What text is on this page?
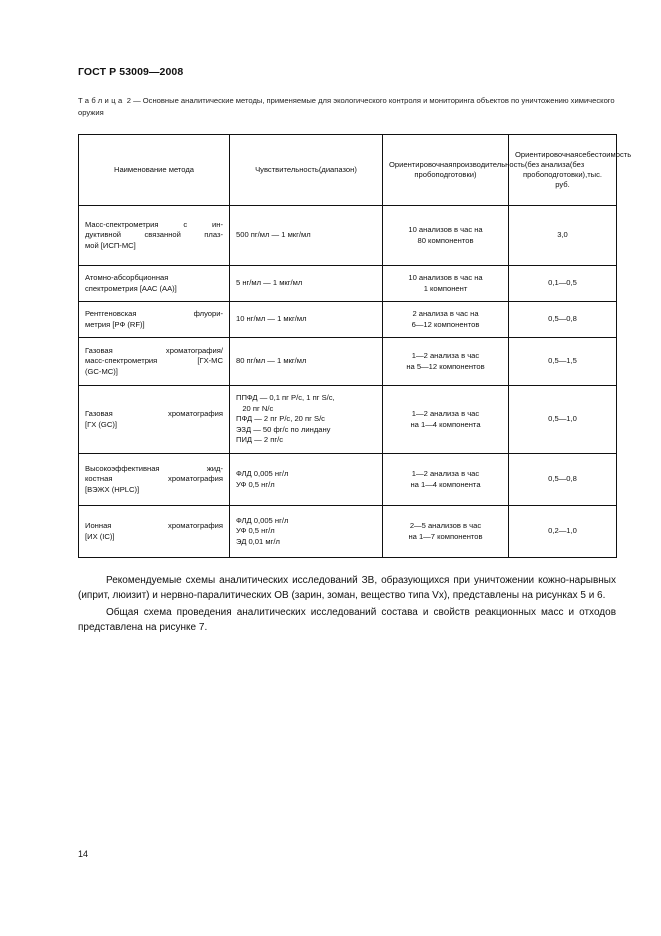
ГОСТ Р 53009—2008
Таблица 2 — Основные аналитические методы, применяемые для экологического контроля и мониторинга объектов по уничтожению химического оружия
Наименование метода	Чувствительность(диапазон)	Ориентировочнаяпроизводительность(без пробоподготовки)	Ориентировочнаясебестоимость анализа(без пробоподготовки),тыс. руб.

Масс-спектрометрия с ин-
дуктивной связанной плаз-
мой [ИСП-МС]	500 пг/мл — 1 мкг/мл	10 анализов в час на
80 компонентов	3,0

Атомно-абсорбционная
спектрометрия [ААС (АА)]	5 нг/мл — 1 мкг/мл	10 анализов в час на
1 компонент	0,1—0,5

Рентгеновская флуори-
метрия [РФ (RF)]	10 нг/мл — 1 мкг/мл	2 анализа в час на
6—12 компонентов	0,5—0,8

Газовая хроматография/
масс-спектрометрия [ГХ-МС
(GC-MC)]	80 пг/мл — 1 мкг/мл	1—2 анализа в час
на 5—12 компонентов	0,5—1,5

Газовая хроматография
[ГХ (GC)]	ППФД — 0,1 пг P/c, 1 пг S/c,
20 пг N/c
ПФД — 2 пг P/c, 20 пг S/c
ЭЗД — 50 фг/с по линдану
ПИД — 2 пг/с	1—2 анализа в час
на 1—4 компонента	0,5—1,0

Высокоэффективная жид-
костная хроматография
[ВЭЖХ (HPLC)]	ФЛД 0,005 нг/л
УФ 0,5 нг/л	1—2 анализа в час
на 1—4 компонента	0,5—0,8

Ионная хроматография
[ИХ (IC)]	ФЛД 0,005 нг/л
УФ 0,5 нг/л
ЭД 0,01 мг/л	2—5 анализов в час
на 1—7 компонентов	0,2—1,0

Рекомендуемые схемы аналитических исследований ЗВ, образующихся при уничтожении кожно-нарывных (иприт, люизит) и нервно-паралитических ОВ (зарин, зоман, вещество типа Vx), представлены на рисунках 5 и 6.

Общая схема проведения аналитических исследований состава и свойств реакционных масс и отходов представлена на рисунке 7.

14
